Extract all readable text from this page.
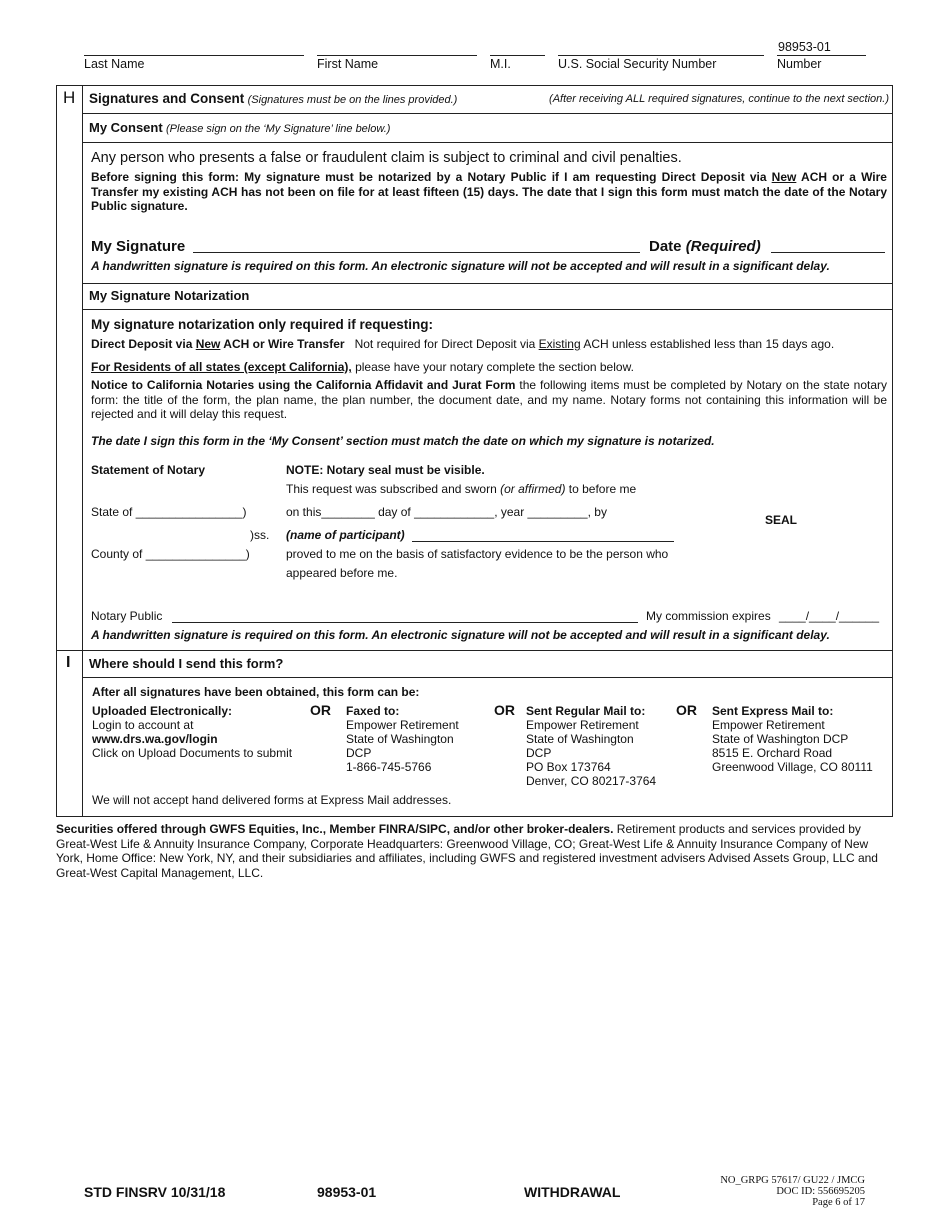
98953-01
Last Name	First Name	M.I.	U.S. Social Security Number	Number
H Signatures and Consent (Signatures must be on the lines provided.)	(After receiving ALL required signatures, continue to the next section.)
My Consent (Please sign on the ‘My Signature’ line below.)
Any person who presents a false or fraudulent claim is subject to criminal and civil penalties.
Before signing this form: My signature must be notarized by a Notary Public if I am requesting Direct Deposit via New ACH or a Wire Transfer my existing ACH has not been on file for at least fifteen (15) days. The date that I sign this form must match the date of the Notary Public signature.
My Signature	Date (Required)
A handwritten signature is required on this form. An electronic signature will not be accepted and will result in a significant delay.
My Signature Notarization
My signature notarization only required if requesting:
Direct Deposit via New ACH or Wire Transfer Not required for Direct Deposit via Existing ACH unless established less than 15 days ago.
For Residents of all states (except California), please have your notary complete the section below.
Notice to California Notaries using the California Affidavit and Jurat Form the following items must be completed by Notary on the state notary form: the title of the form, the plan name, the plan number, the document date, and my name. Notary forms not containing this information will be rejected and it will delay this request.
The date I sign this form in the ‘My Consent’ section must match the date on which my signature is notarized.
Statement of Notary	NOTE: Notary seal must be visible.
This request was subscribed and sworn (or affirmed) to before me
State of ________________)	on this________ day of ____________, year _________, by
SEAL
)ss. (name of participant)
County of _______________)	proved to me on the basis of satisfactory evidence to be the person who
appeared before me.
Notary Public	My commission expires ____/____/______
A handwritten signature is required on this form. An electronic signature will not be accepted and will result in a significant delay.
I Where should I send this form?
After all signatures have been obtained, this form can be:
Uploaded Electronically:
Login to account at
www.drs.wa.gov/login
Click on Upload Documents to submit
OR Faxed to:
Empower Retirement
State of Washington
DCP
1-866-745-5766
OR Sent Regular Mail to:
Empower Retirement
State of Washington
DCP
PO Box 173764
Denver, CO 80217-3764
OR Sent Express Mail to:
Empower Retirement
State of Washington DCP
8515 E. Orchard Road
Greenwood Village, CO 80111
We will not accept hand delivered forms at Express Mail addresses.
Securities offered through GWFS Equities, Inc., Member FINRA/SIPC, and/or other broker-dealers. Retirement products and services provided by Great-West Life & Annuity Insurance Company, Corporate Headquarters: Greenwood Village, CO; Great-West Life & Annuity Insurance Company of New York, Home Office: New York, NY, and their subsidiaries and affiliates, including GWFS and registered investment advisers Advised Assets Group, LLC and Great-West Capital Management, LLC.
STD FINSRV 10/31/18	98953-01	WITHDRAWAL
NO_GRPG 57617/ GU22 / JMCG
DOC ID: 556695205
Page 6 of 17
